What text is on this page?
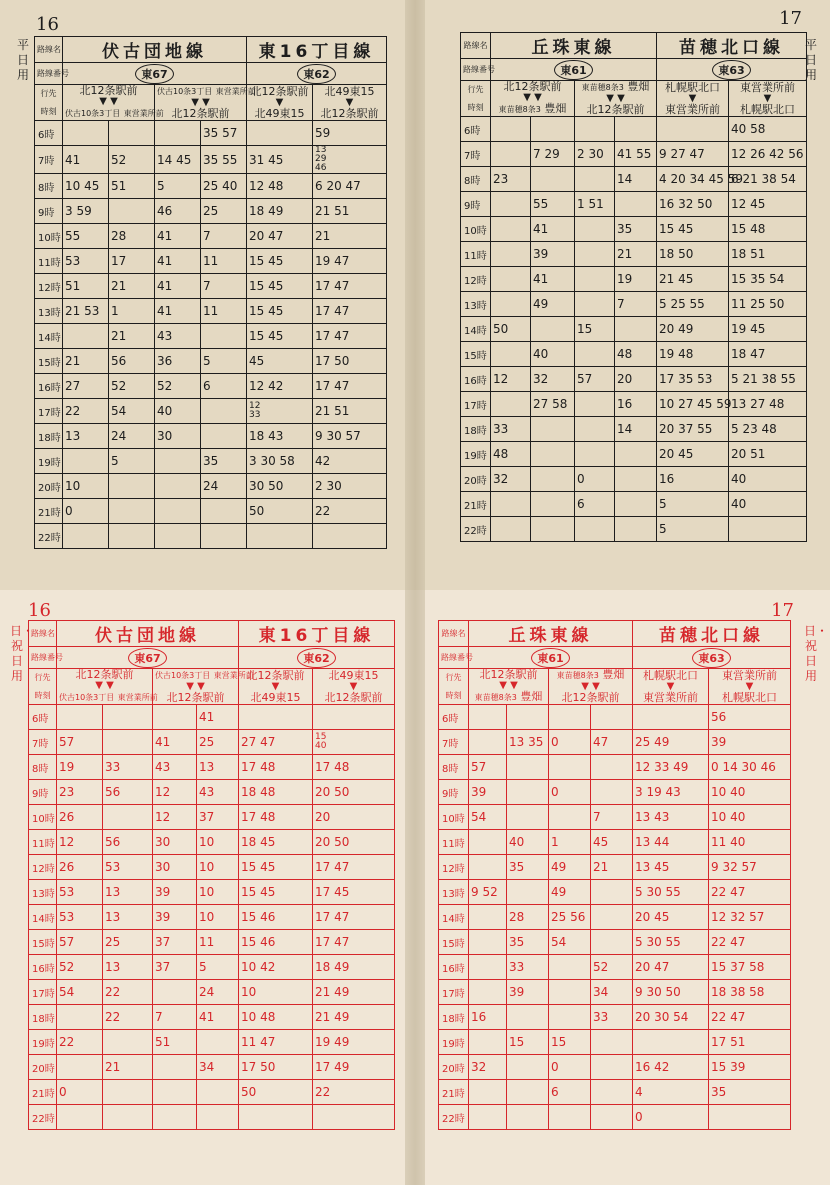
16
平日用
路線名	伏古団地線				東16丁目線	
路線番号	東67				東62	
行先

時刻	北12条駅前
▼ ▼
伏古10条3丁目 東営業所前		伏古10条3丁目 東営業所前
▼ ▼
北12条駅前		北12条駅前
▼
北49東15	北49東15
▼
北12条駅前
6時				35 57		59
7時	41	52	14 45	35 55	31 45	13
29
46
8時	10 45	51	5	25 40	12 48	6 20 47
9時	3 59		46	25	18 49	21 51
10時	55	28	41	7	20 47	21
11時	53	17	41	11	15 45	19 47
12時	51	21	41	7	15 45	17 47
13時	21 53	1	41	11	15 45	17 47
14時		21	43		15 45	17 47
15時	21	56	36	5	45	17 50
16時	27	52	52	6	12 42	17 47
17時	22	54	40		12
33	21 51
18時	13	24	30		18 43	9 30 57
19時		5		35	3 30 58	42
20時	10			24	30 50	2 30
21時	0				50	22
22時						
17
平日用
路線名	丘珠東線				苗穂北口線	
路線番号	東61				東63	
行先

時刻	北12条駅前
▼ ▼
東苗穂8条3 豊畑		東苗穂8条3 豊畑
▼ ▼
北12条駅前		札幌駅北口
▼
東営業所前	東営業所前
▼
札幌駅北口
6時						40 58
7時		7 29	2 30	41 55	9 27 47	12 26 42 56
8時	23			14	4 20 34 45 59	6 21 38 54
9時		55	1 51		16 32 50	12 45
10時		41		35	15 45	15 48
11時		39		21	18 50	18 51
12時		41		19	21 45	15 35 54
13時		49		7	5 25 55	11 25 50
14時	50		15		20 49	19 45
15時		40		48	19 48	18 47
16時	12	32	57	20	17 35 53	5 21 38 55
17時		27 58		16	10 27 45 59	13 27 48
18時	33			14	20 37 55	5 23 48
19時	48				20 45	20 51
20時	32		0		16	40
21時			6		5	40
22時					5	
16
日・祝日用
路線名	伏古団地線				東16丁目線	
路線番号	東67				東62	
行先

時刻	北12条駅前
▼ ▼
伏古10条3丁目 東営業所前		伏古10条3丁目 東営業所前
▼ ▼
北12条駅前		北12条駅前
▼
北49東15	北49東15
▼
北12条駅前
6時				41		
7時	57		41	25	27 47	15
40
8時	19	33	43	13	17 48	17 48
9時	23	56	12	43	18 48	20 50
10時	26		12	37	17 48	20
11時	12	56	30	10	18 45	20 50
12時	26	53	30	10	15 45	17 47
13時	53	13	39	10	15 45	17 45
14時	53	13	39	10	15 46	17 47
15時	57	25	37	11	15 46	17 47
16時	52	13	37	5	10 42	18 49
17時	54	22		24	10	21 49
18時		22	7	41	10 48	21 49
19時	22		51		11 47	19 49
20時		21		34	17 50	17 49
21時	0				50	22
22時						
17
日・祝日用
路線名	丘珠東線				苗穂北口線	
路線番号	東61				東63	
行先

時刻	北12条駅前
▼ ▼
東苗穂8条3 豊畑		東苗穂8条3 豊畑
▼ ▼
北12条駅前		札幌駅北口
▼
東営業所前	東営業所前
▼
札幌駅北口
6時						56
7時		13 35	0	47	25 49	39
8時	57				12 33 49	0 14 30 46
9時	39		0		3 19 43	10 40
10時	54			7	13 43	10 40
11時		40	1	45	13 44	11 40
12時		35	49	21	13 45	9 32 57
13時	9 52		49		5 30 55	22 47
14時		28	25 56		20 45	12 32 57
15時		35	54		5 30 55	22 47
16時		33		52	20 47	15 37 58
17時		39		34	9 30 50	18 38 58
18時	16			33	20 30 54	22 47
19時		15	15			17 51
20時	32		0		16 42	15 39
21時			6		4	35
22時					0	
